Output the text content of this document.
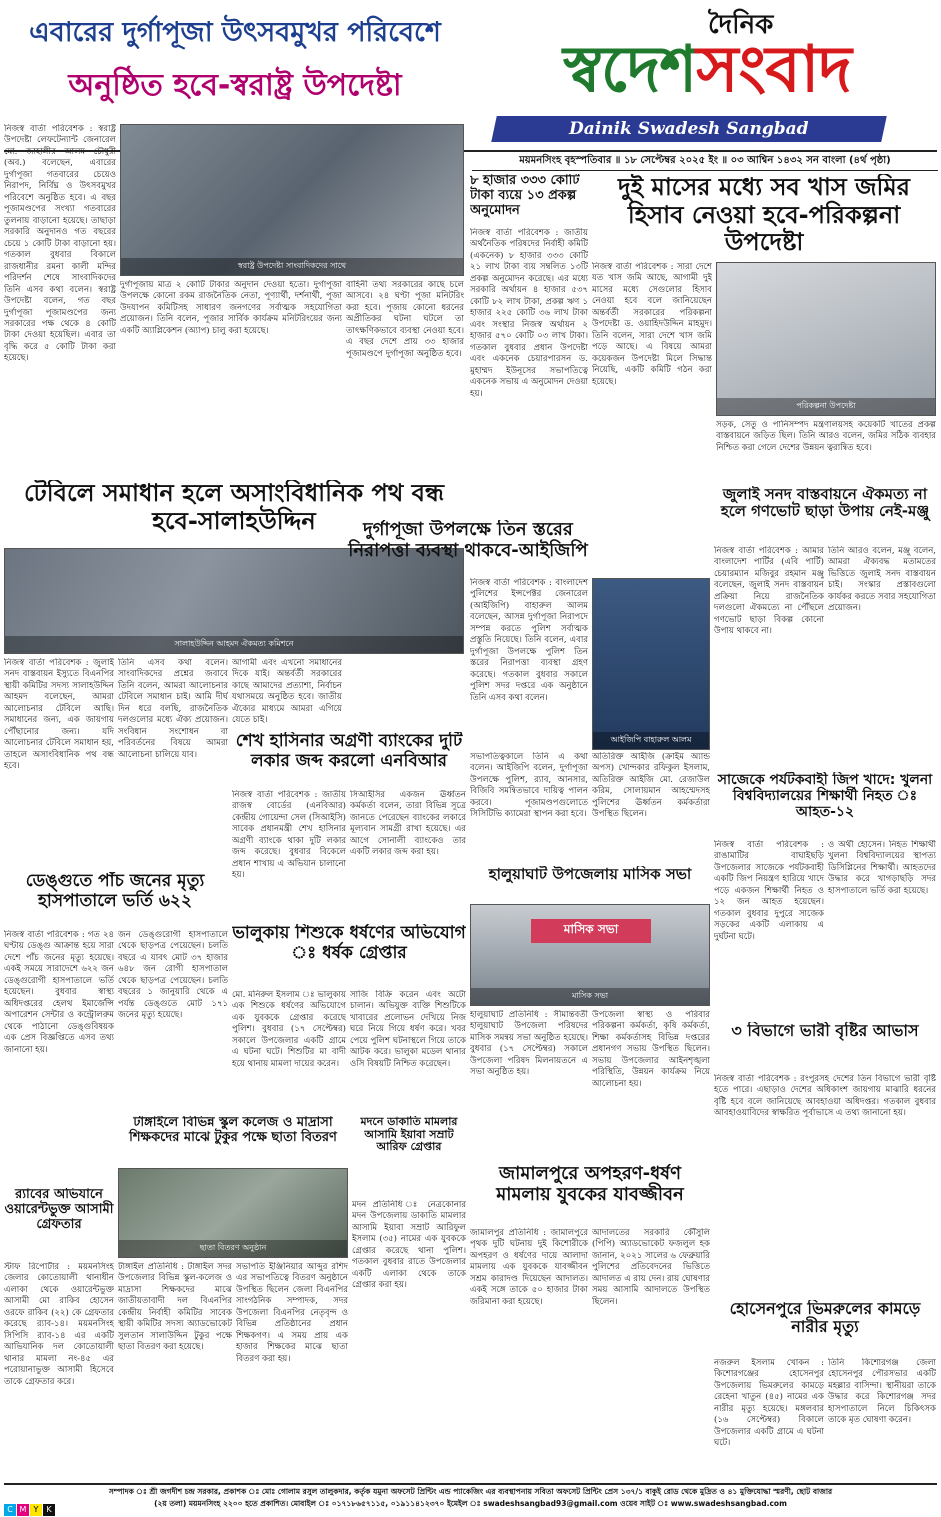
এবারের দুর্গাপূজা উৎসবমুখর পরিবেশে
অনুষ্ঠিত হবে-স্বরাষ্ট্র উপদেষ্টা
দৈনিক
স্বদেশ সংবাদ
Dainik Swadesh Sangbad
ময়মনসিংহ বৃহস্পতিবার ॥ ১৮ সেপ্টেম্বর ২০২৫ ইং ॥ ০৩ আশ্বিন ১৪৩২ সন বাংলা (৪র্থ পৃষ্ঠা)
নিজস্ব বার্তা পরিবেশক : স্বরাষ্ট্র উপদেষ্টা লেফটেন্যান্ট জেনারেল মো. জাহাঙ্গীর আলম চৌধুরী (অব.) বলেছেন, এবারের দুর্গাপূজা গতবারের চেয়েও নিরাপদ, নির্বিঘ্ন ও উৎসবমুখর পরিবেশে অনুষ্ঠিত হবে। এ বছর পূজামণ্ডপের সংখ্যা গতবারের তুলনায় বাড়ানো হয়েছে। তাছাড়া সরকারি অনুদানও গত বছরের চেয়ে ১ কোটি টাকা বাড়ানো হয়। গতকাল বুধবার বিকালে রাজধানীর রমনা কালী মন্দির পরিদর্শন শেষে সাংবাদিকদের তিনি এসব কথা বলেন। স্বরাষ্ট্র উপদেষ্টা বলেন, গত বছর দুর্গাপূজা পূজামণ্ডপের জন্য সরকারের পক্ষ থেকে ৪ কোটি টাকা দেওয়া হয়েছিল। এবার তা বৃদ্ধি করে ৫ কোটি টাকা করা হয়েছে।
স্বরাষ্ট্র উপদেষ্টা সাংবাদিকদের সাথে
দুর্গাপূজায় মাত্র ২ কোটি টাকার অনুদান দেওয়া হতো। দুর্গাপূজা উপলক্ষে কোনো রকম রাজনৈতিক নেতা, পূণ্যার্থী, দর্শনার্থী, পূজা উদযাপন কমিটিসহ সাধারণ জনগণের সর্বাত্মক সহযোগিতা প্রয়োজন। তিনি বলেন, পূজার সার্বিক কার্যক্রম মনিটরিংয়ের জন্য একটি অ্যাপ্লিকেশন (অ্যাপ) চালু করা হয়েছে।
বাহিনী তথ্য সরকারের কাছে চলে আসবে। ২৪ ঘণ্টা পূজা মনিটরিং করা হবে। পূজায় কোনো ধরনের অপ্রীতিকর ঘটনা ঘটলে তা তাৎক্ষণিকভাবে ব্যবস্থা নেওয়া হবে। এ বছর দেশে প্রায় ৩৩ হাজার পূজামণ্ডপে দুর্গাপূজা অনুষ্ঠিত হবে।
৮ হাজার ৩৩৩ কোটি টাকা ব্যয়ে ১৩ প্রকল্প অনুমোদন
নিজস্ব বার্তা পরিবেশক : জাতীয় অর্থনৈতিক পরিষদের নির্বাহী কমিটি (একনেক) ৮ হাজার ৩৩৩ কোটি ২১ লাখ টাকা ব্যয় সম্বলিত ১৩টি প্রকল্প অনুমোদন করেছে। এর মধ্যে সরকারি অর্থায়ন ৪ হাজার ৫৩৭ কোটি ৮২ লাখ টাকা, প্রকল্প ঋণ ১ হাজার ২২৫ কোটি ৩৬ লাখ টাকা এবং সংস্থার নিজস্ব অর্থায়ন ২ হাজার ৫৭০ কোটি ০৩ লাখ টাকা। গতকাল বুধবার প্রধান উপদেষ্টা এবং একনেক চেয়ারপারসন ড. মুহাম্মদ ইউনূসের সভাপতিত্বে একনেক সভায় এ অনুমোদন দেওয়া হয়।
দুই মাসের মধ্যে সব খাস জমির হিসাব নেওয়া হবে-পরিকল্পনা উপদেষ্টা
নিজস্ব বার্তা পরিবেশক : সারা দেশে যত খাস জমি আছে, আগামী দুই মাসের মধ্যে সেগুলোর হিসাব নেওয়া হবে বলে জানিয়েছেন অন্তর্বর্তী সরকারের পরিকল্পনা উপদেষ্টা ড. ওয়াহিদউদ্দিন মাহমুদ। তিনি বলেন, সারা দেশে খাস জমি পড়ে আছে। এ বিষয়ে আমরা কয়েকজন উপদেষ্টা মিলে সিদ্ধান্ত নিয়েছি, একটি কমিটি গঠন করা হয়েছে।
পরিকল্পনা উপদেষ্টা
সড়ক, সেতু ও পানিসম্পদ মন্ত্রণালয়সহ কয়েকটি খাতের প্রকল্প বাস্তবায়নে জড়িত ছিল। তিনি আরও বলেন, জমির সঠিক ব্যবহার নিশ্চিত করা গেলে দেশের উন্নয়ন ত্বরান্বিত হবে।
টেবিলে সমাধান হলে অসাংবিধানিক পথ বন্ধ হবে-সালাহউদ্দিন
সালাহউদ্দিন আহমদ ঐকমত্য কমিশনে
নিজস্ব বার্তা পরিবেশক : জুলাই সনদ বাস্তবায়ন ইস্যুতে বিএনপির স্থায়ী কমিটির সদস্য সালাহউদ্দিন আহমদ বলেছেন, আমরা আলোচনার টেবিলে আছি। সমাধানের জন্য, এক জায়গায় পৌঁছানোর জন্য। যদি আলোচনার টেবিলে সমাধান হয়, তাহলে অসাংবিধানিক পথ বন্ধ হবে।
তিনি এসব কথা বলেন। সাংবাদিকদের প্রশ্নের জবাবে তিনি বলেন, আমরা আলোচনার টেবিলে সমাধান চাই। আমি দীর্ঘ দিন ধরে বলছি, রাজনৈতিক দলগুলোর মধ্যে ঐক্য প্রয়োজন। সংবিধান সংশোধন বা পরিবর্তনের বিষয়ে আমরা আলোচনা চালিয়ে যাব।
আগামী এবং এখনো সমাধানের দিকে যাই। অন্তর্বর্তী সরকারের কাছে আমাদের প্রত্যাশা, নির্বাচন যথাসময়ে অনুষ্ঠিত হবে। জাতীয় ঐক্যের মাধ্যমে আমরা এগিয়ে যেতে চাই।
দুর্গাপূজা উপলক্ষে তিন স্তরের নিরাপত্তা ব্যবস্থা থাকবে-আইজিপি
নিজস্ব বার্তা পরিবেশক : বাংলাদেশ পুলিশের ইন্সপেক্টর জেনারেল (আইজিপি) বাহারুল আলম বলেছেন, আসন্ন দুর্গাপূজা নিরাপদে সম্পন্ন করতে পুলিশ সর্বাত্মক প্রস্তুতি নিয়েছে। তিনি বলেন, এবার দুর্গাপূজা উপলক্ষে পুলিশ তিন স্তরের নিরাপত্তা ব্যবস্থা গ্রহণ করেছে। গতকাল বুধবার সকালে পুলিশ সদর দপ্তরে এক অনুষ্ঠানে তিনি এসব কথা বলেন।
আইজিপি বাহারুল আলম
সভাপতিত্বকালে তিনি এ কথা বলেন। আইজিপি বলেন, দুর্গাপূজা উপলক্ষে পুলিশ, র‍্যাব, আনসার, বিজিবি সমন্বিতভাবে দায়িত্ব পালন করবে। পূজামণ্ডপগুলোতে সিসিটিভি ক্যামেরা স্থাপন করা হবে।
অতিরিক্ত আইজি (ক্রাইম অ্যান্ড অপস) খোন্দকার রফিকুল ইসলাম, অতিরিক্ত আইজি মো. রেজাউল করিম, সোলায়মান আহম্মেদসহ পুলিশের ঊর্ধ্বতন কর্মকর্তারা উপস্থিত ছিলেন।
জুলাই সনদ বাস্তবায়নে ঐকমত্য না হলে গণভোট ছাড়া উপায় নেই-মঞ্জু
নিজস্ব বার্তা পরিবেশক : আমার বাংলাদেশ পার্টির (এবি পার্টি) চেয়ারম্যান মজিবুর রহমান মঞ্জু বলেছেন, জুলাই সনদ বাস্তবায়ন প্রক্রিয়া নিয়ে রাজনৈতিক দলগুলো ঐকমত্যে না পৌঁছলে গণভোট ছাড়া বিকল্প কোনো উপায় থাকবে না।
তিনি আরও বলেন, মঞ্জু বলেন, আমরা ঐক্যবদ্ধ মতামতের ভিত্তিতে জুলাই সনদ বাস্তবায়ন চাই। সংস্কার প্রস্তাবগুলো কার্যকর করতে সবার সহযোগিতা প্রয়োজন।
শেখ হাসিনার অগ্রণী ব্যাংকের দুটি লকার জব্দ করলো এনবিআর
নিজস্ব বার্তা পরিবেশক : জাতীয় রাজস্ব বোর্ডের (এনবিআর) কেন্দ্রীয় গোয়েন্দা সেল (সিআইসি) সাবেক প্রধানমন্ত্রী শেখ হাসিনার অগ্রণী ব্যাংকে থাকা দুটি লকার জব্দ করেছে। বুধবার বিকেলে প্রধান শাখায় এ অভিযান চালানো হয়।
সিআইসির একজন ঊর্ধ্বতন কর্মকর্তা বলেন, তারা বিভিন্ন সূত্রে জানতে পেরেছেন ব্যাংকের লকারে মূল্যবান সামগ্রী রাখা হয়েছে। এর আগে সোনালী ব্যাংকেও তার একটি লকার জব্দ করা হয়।
ডেঙ্গুতে পাঁচ জনের মৃত্যু হাসপাতালে ভর্তি ৬২২
নিজস্ব বার্তা পরিবেশক : গত ২৪ ঘণ্টায় ডেঙ্গু আক্রান্ত হয়ে সারা দেশে পাঁচ জনের মৃত্যু হয়েছে। একই সময়ে সারাদেশে ৬২২ জন ডেঙ্গুরোগী হাসপাতালে ভর্তি হয়েছেন। বুধবার স্বাস্থ্য অধিদপ্তরের হেলথ ইমার্জেন্সি অপারেশন সেন্টার ও কন্ট্রোলরুম থেকে পাঠানো ডেঙ্গুবিষয়ক এক প্রেস বিজ্ঞপ্তিতে এসব তথ্য জানানো হয়।
জন ডেঙ্গুরোগী হাসপাতালে থেকে ছাড়পত্র পেয়েছেন। চলতি বছরে এ যাবৎ মোট ৩৭ হাজার ৬৪৮ জন রোগী হাসপাতাল থেকে ছাড়পত্র পেয়েছেন। চলতি বছরের ১ জানুয়ারি থেকে এ পর্যন্ত ডেঙ্গুতে মোট ১৭১ জনের মৃত্যু হয়েছে।
সাজেকে পর্যটকবাহী জিপ খাদে: খুলনা বিশ্ববিদ্যালয়ের শিক্ষার্থী নিহত ঃ আহত-১২
নিজস্ব বার্তা পরিবেশক : রাঙামাটির বাঘাইছড়ি উপজেলার সাজেকে পর্যটকবাহী একটি জিপ নিয়ন্ত্রণ হারিয়ে খাদে পড়ে একজন শিক্ষার্থী নিহত ও ১২ জন আহত হয়েছেন। গতকাল বুধবার দুপুরে সাজেক সড়কের একটি এলাকায় এ দুর্ঘটনা ঘটে।
ও অর্থী হোসেন। নিহত শিক্ষার্থী খুলনা বিশ্ববিদ্যালয়ের স্থাপত্য ডিসিপ্লিনের শিক্ষার্থী। আহতদের উদ্ধার করে খাগড়াছড়ি সদর হাসপাতালে ভর্তি করা হয়েছে।
হালুয়াঘাট উপজেলায় মাসিক সভা
মাসিক সভা
মাসিক সভা
হালুয়াঘাট প্রতিনিধি : সীমান্তবর্তী হালুয়াঘাট উপজেলা পরিষদের মাসিক সমন্বয় সভা অনুষ্ঠিত হয়েছে। বুধবার (১৭ সেপ্টেম্বর) সকালে উপজেলা পরিষদ মিলনায়তনে এ সভা অনুষ্ঠিত হয়।
উপজেলা স্বাস্থ্য ও পরিবার পরিকল্পনা কর্মকর্তা, কৃষি কর্মকর্তা, শিক্ষা কর্মকর্তাসহ বিভিন্ন দপ্তরের প্রধানগণ সভায় উপস্থিত ছিলেন। সভায় উপজেলার আইনশৃঙ্খলা পরিস্থিতি, উন্নয়ন কার্যক্রম নিয়ে আলোচনা হয়।
ভালুকায় শিশুকে ধর্ষণের অভিযোগ ঃ ধর্ষক গ্রেপ্তার
মো. মনিরুল ইসলাম ঃ ভালুকায় এক শিশুকে ধর্ষণের অভিযোগে এক যুবককে গ্রেপ্তার করেছে পুলিশ। বুধবার (১৭ সেপ্টেম্বর) সকালে উপজেলার একটি গ্রামে এ ঘটনা ঘটে। শিশুটির মা বাদী হয়ে থানায় মামলা দায়ের করেন।
সাজি বিক্রি করেন এবং অটো চালান। অভিযুক্ত ব্যক্তি শিশুটিকে খাবারের প্রলোভন দেখিয়ে নিজ ঘরে নিয়ে গিয়ে ধর্ষণ করে। খবর পেয়ে পুলিশ ঘটনাস্থলে গিয়ে তাকে আটক করে। ভালুকা মডেল থানার ওসি বিষয়টি নিশ্চিত করেছেন।
৩ বিভাগে ভারী বৃষ্টির আভাস
নিজস্ব বার্তা পরিবেশক : রংপুরসহ দেশের তিন বিভাগে ভারী বৃষ্টি হতে পারে। এছাড়াও দেশের অধিকাংশ জায়গায় মাঝারি ধরনের বৃষ্টি হবে বলে জানিয়েছে আবহাওয়া অধিদপ্তর। গতকাল বুধবার আবহাওয়াবিদের স্বাক্ষরিত পূর্বাভাসে এ তথ্য জানানো হয়।
টাঙ্গাইলে বিভিন্ন স্কুল কলেজ ও মাদ্রাসা শিক্ষকদের মাঝে টুকুর পক্ষে ছাতা বিতরণ
ছাতা বিতরণ অনুষ্ঠান
টাঙ্গাইল প্রতিনিধি : টাঙ্গাইল সদর উপজেলার বিভিন্ন স্কুল-কলেজ ও মাদ্রাসা শিক্ষকদের মাঝে জাতীয়তাবাদী দল বিএনপির কেন্দ্রীয় নির্বাহী কমিটির সাবেক স্থায়ী কমিটির সদস্য অ্যাডভোকেট সুলতান সালাউদ্দিন টুকুর পক্ষে ছাতা বিতরণ করা হয়েছে।
সভাপতি ইঞ্জিনিয়ার আব্দুর রশিদ এর সভাপতিত্বে বিতরণ অনুষ্ঠানে উপস্থিত ছিলেন জেলা বিএনপির সাংগঠনিক সম্পাদক, সদর উপজেলা বিএনপির নেতৃবৃন্দ ও বিভিন্ন প্রতিষ্ঠানের প্রধান শিক্ষকগণ। এ সময় প্রায় এক হাজার শিক্ষকের মাঝে ছাতা বিতরণ করা হয়।
মদনে ডাকাতি মামলার আসামি ইয়াবা সম্রাট আরিফ গ্রেপ্তার
মদন প্রতিনিধি ঃ নেত্রকোনার মদন উপজেলায় ডাকাতি মামলার আসামি ইয়াবা সম্রাট আরিফুল ইসলাম (৩৫) নামের এক যুবককে গ্রেপ্তার করেছে থানা পুলিশ। গতকাল বুধবার রাতে উপজেলার একটি এলাকা থেকে তাকে গ্রেপ্তার করা হয়।
র‍্যাবের অভিযানে ওয়ারেন্টভুক্ত আসামী গ্রেফতার
স্টাফ রিপোর্টার : ময়মনসিংহ জেলার কোতোয়ালী থানাধীন এলাকা থেকে ওয়ারেন্টভুক্ত আসামী মো রাকিব হোসেন ওরফে রাকিব (২২) কে গ্রেফতার করেছে র‍্যাব-১৪। ময়মনসিংহ সিপিসি র‍্যাব-১৪ এর একটি আভিযানিক দল কোতোয়ালী থানার মামলা নং-৪৫ এর পরোয়ানাভুক্ত আসামী হিসেবে তাকে গ্রেফতার করে।
জামালপুরে অপহরণ-ধর্ষণ মামলায় যুবকের যাবজ্জীবন
জামালপুর প্রতিনিধি : জামালপুরে পৃথক দুটি ঘটনায় দুই কিশোরীকে অপহরণ ও ধর্ষণের দায়ে আলাদা মামলায় এক যুবককে যাবজ্জীবন সশ্রম কারাদণ্ড দিয়েছেন আদালত। একই সঙ্গে তাকে ৫০ হাজার টাকা জরিমানা করা হয়েছে।
আদালতের সরকারি কৌঁসুলি (পিপি) অ্যাডভোকেট ফজলুল হক জানান, ২০২১ সালের ৬ ফেব্রুয়ারি পুলিশের প্রতিবেদনের ভিত্তিতে আদালত এ রায় দেন। রায় ঘোষণার সময় আসামি আদালতে উপস্থিত ছিলেন।	হোসেনপুরে ভিমরুলের কামড়ে নারীর মৃত্যু
নজরুল ইসলাম খোকন : কিশোরগঞ্জের হোসেনপুর উপজেলায় ভিমরুলের কামড়ে রেহেনা খাতুন (৪৫) নামের এক নারীর মৃত্যু হয়েছে। মঙ্গলবার (১৬ সেপ্টেম্বর) বিকালে উপজেলার একটি গ্রামে এ ঘটনা ঘটে।
তিনি কিশোরগঞ্জ জেলা হোসেনপুর পৌরসভার একটি মহল্লার বাসিন্দা। স্থানীয়রা তাকে উদ্ধার করে কিশোরগঞ্জ সদর হাসপাতালে নিলে চিকিৎসক তাকে মৃত ঘোষণা করেন।
সম্পাদক ঃ শ্রী জগদীশ চন্দ্র সরকার, প্রকাশক ঃ মোঃ গোলাম রসুল তালুকদার, কর্তৃক যমুনা অফসেট প্রিন্টিং এন্ড প্যাকেজিং এর ব্যবস্থাপনায় সবিতা অফসেট প্রিন্টিং প্রেস ১৩৭/১ বাকুই রোড থেকে মুদ্রিত ও ৪১ মুক্তিযোদ্ধা স্মরণী, ছোট বাজার
(২য় তলা) ময়মনসিংহ ২২০০ হতে প্রকাশিত। মোবাইল ঃ ০১৭১৮৬৫৭১১৫, ০১৯১১৪১২৩৭০ ইমেইল ঃ swadeshsangbad93@gmail.com ওয়েব সাইট ঃ www.swadeshsangbad.com
C M Y K
